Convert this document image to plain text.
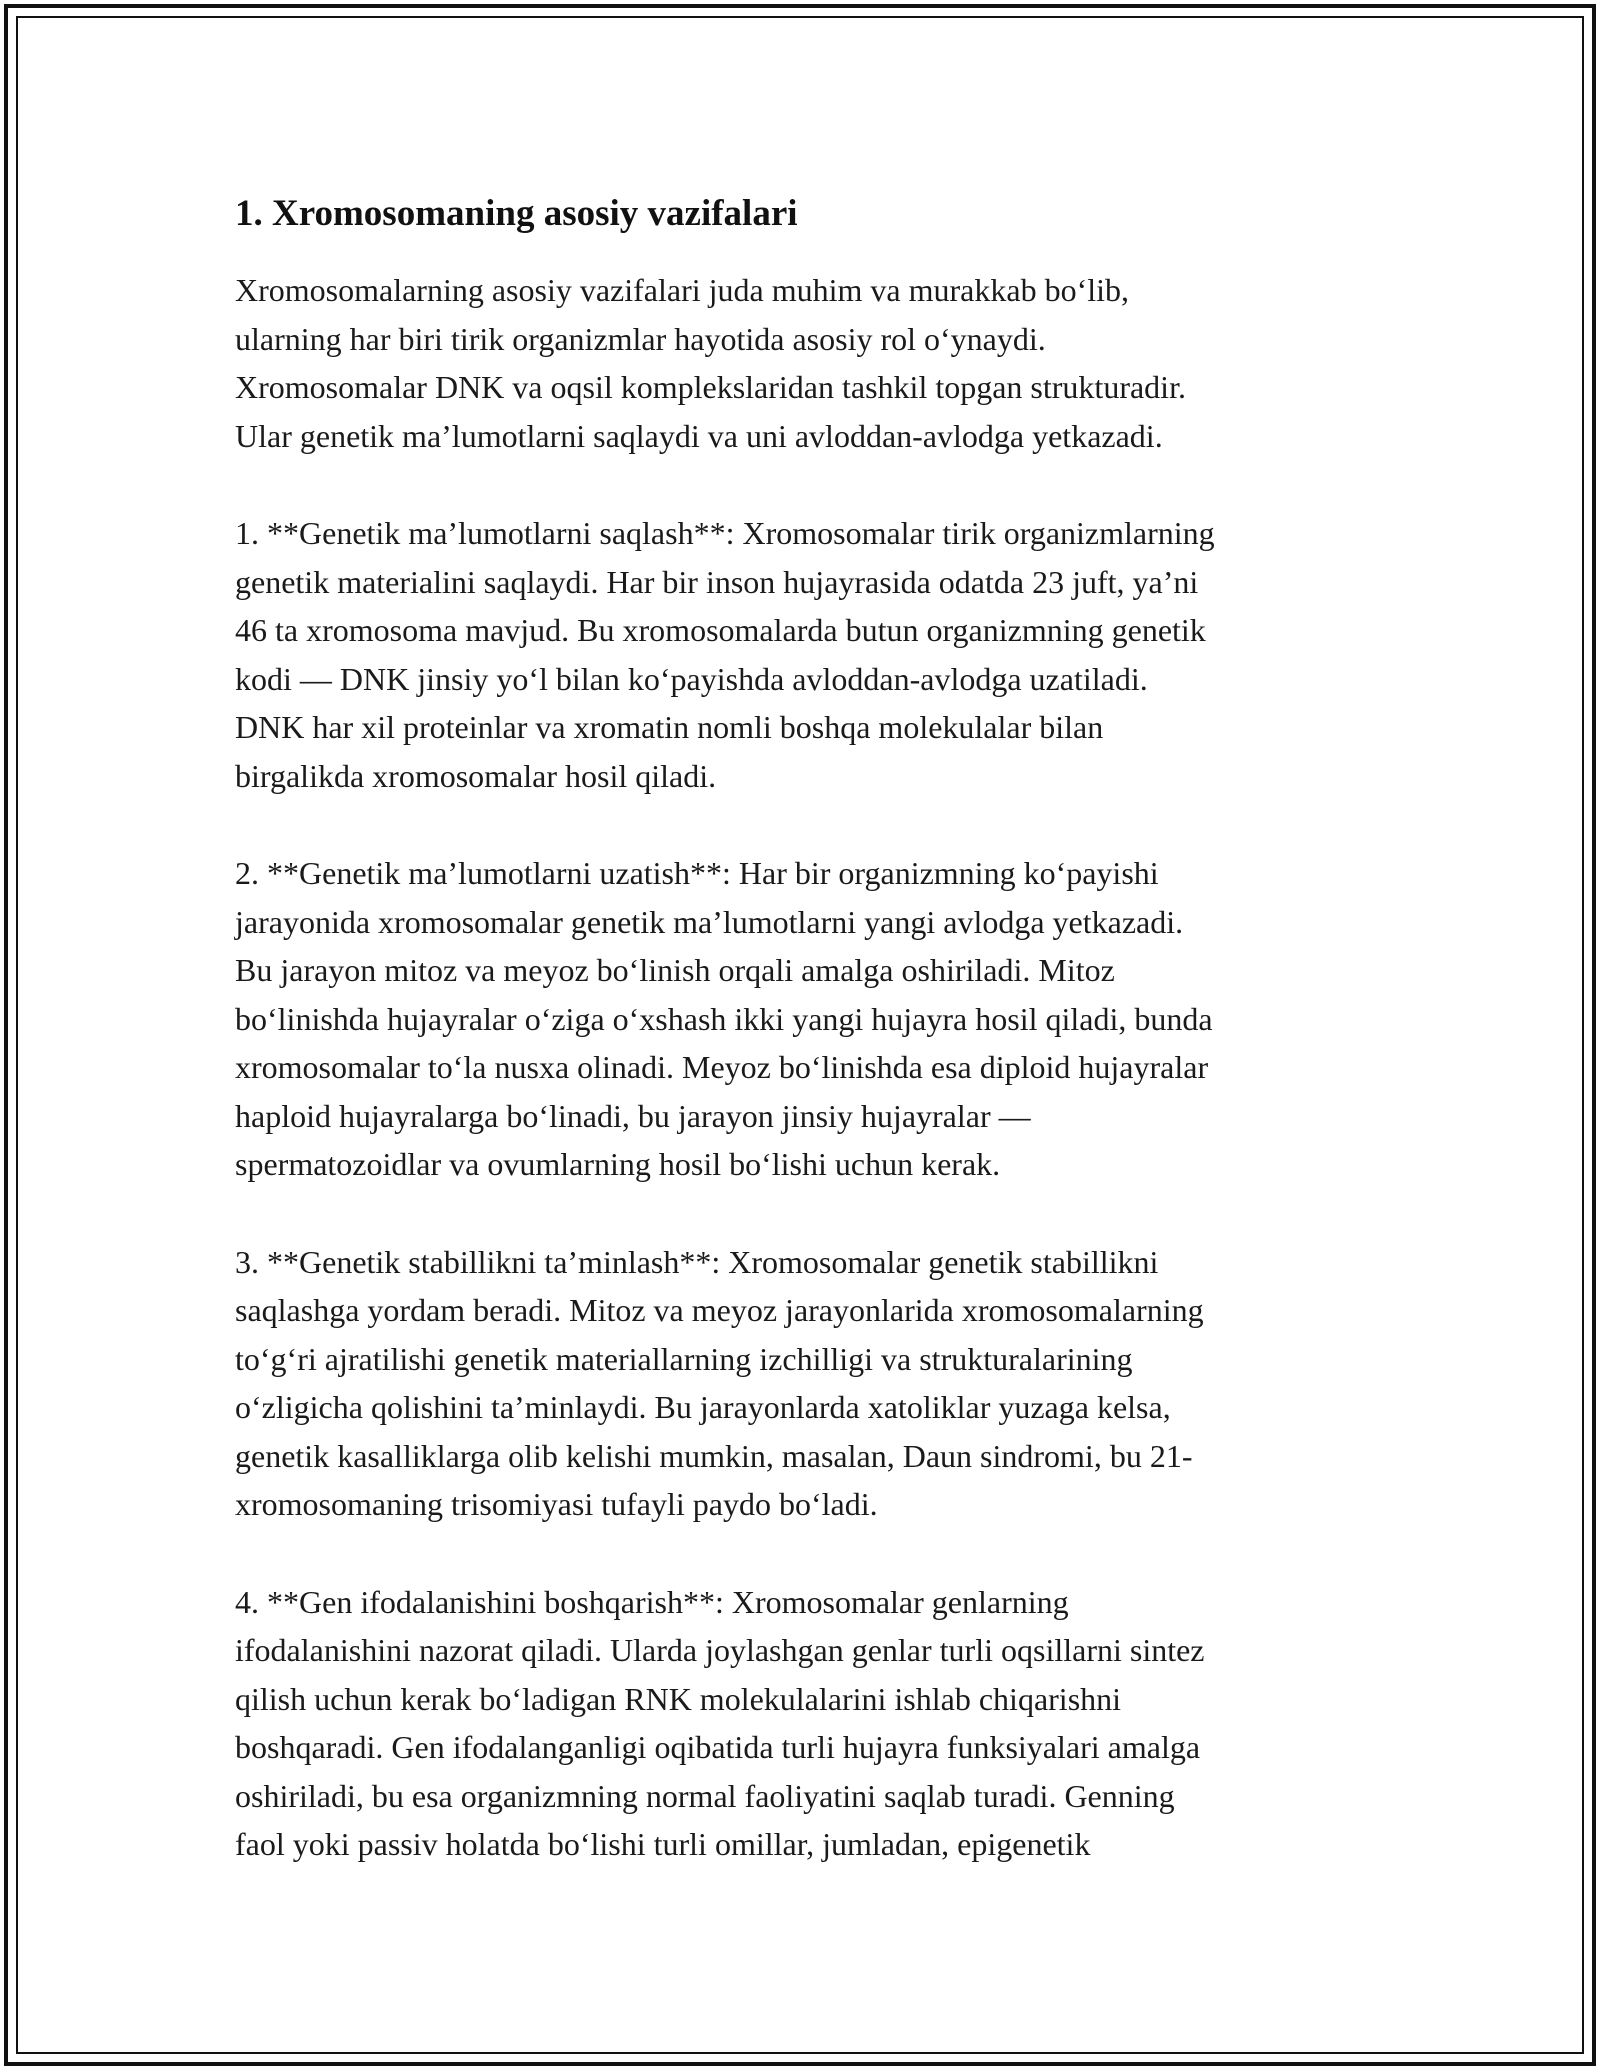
1. Xromosomaning asosiy vazifalari

Xromosomalarning asosiy vazifalari juda muhim va murakkab bo‘lib,
ularning har biri tirik organizmlar hayotida asosiy rol o‘ynaydi.
Xromosomalar DNK va oqsil komplekslaridan tashkil topgan strukturadir.
Ular genetik ma’lumotlarni saqlaydi va uni avloddan-avlodga yetkazadi.

1. **Genetik ma’lumotlarni saqlash**: Xromosomalar tirik organizmlarning
genetik materialini saqlaydi. Har bir inson hujayrasida odatda 23 juft, ya’ni
46 ta xromosoma mavjud. Bu xromosomalarda butun organizmning genetik
kodi — DNK jinsiy yo‘l bilan ko‘payishda avloddan-avlodga uzatiladi.
DNK har xil proteinlar va xromatin nomli boshqa molekulalar bilan
birgalikda xromosomalar hosil qiladi.

2. **Genetik ma’lumotlarni uzatish**: Har bir organizmning ko‘payishi
jarayonida xromosomalar genetik ma’lumotlarni yangi avlodga yetkazadi.
Bu jarayon mitoz va meyoz bo‘linish orqali amalga oshiriladi. Mitoz
bo‘linishda hujayralar o‘ziga o‘xshash ikki yangi hujayra hosil qiladi, bunda
xromosomalar to‘la nusxa olinadi. Meyoz bo‘linishda esa diploid hujayralar
haploid hujayralarga bo‘linadi, bu jarayon jinsiy hujayralar —
spermatozoidlar va ovumlarning hosil bo‘lishi uchun kerak.

3. **Genetik stabillikni ta’minlash**: Xromosomalar genetik stabillikni
saqlashga yordam beradi. Mitoz va meyoz jarayonlarida xromosomalarning
to‘g‘ri ajratilishi genetik materiallarning izchilligi va strukturalarining
o‘zligicha qolishini ta’minlaydi. Bu jarayonlarda xatoliklar yuzaga kelsa,
genetik kasalliklarga olib kelishi mumkin, masalan, Daun sindromi, bu 21-
xromosomaning trisomiyasi tufayli paydo bo‘ladi.

4. **Gen ifodalanishini boshqarish**: Xromosomalar genlarning
ifodalanishini nazorat qiladi. Ularda joylashgan genlar turli oqsillarni sintez
qilish uchun kerak bo‘ladigan RNK molekulalarini ishlab chiqarishni
boshqaradi. Gen ifodalanganligi oqibatida turli hujayra funksiyalari amalga
oshiriladi, bu esa organizmning normal faoliyatini saqlab turadi. Genning
faol yoki passiv holatda bo‘lishi turli omillar, jumladan, epigenetik
